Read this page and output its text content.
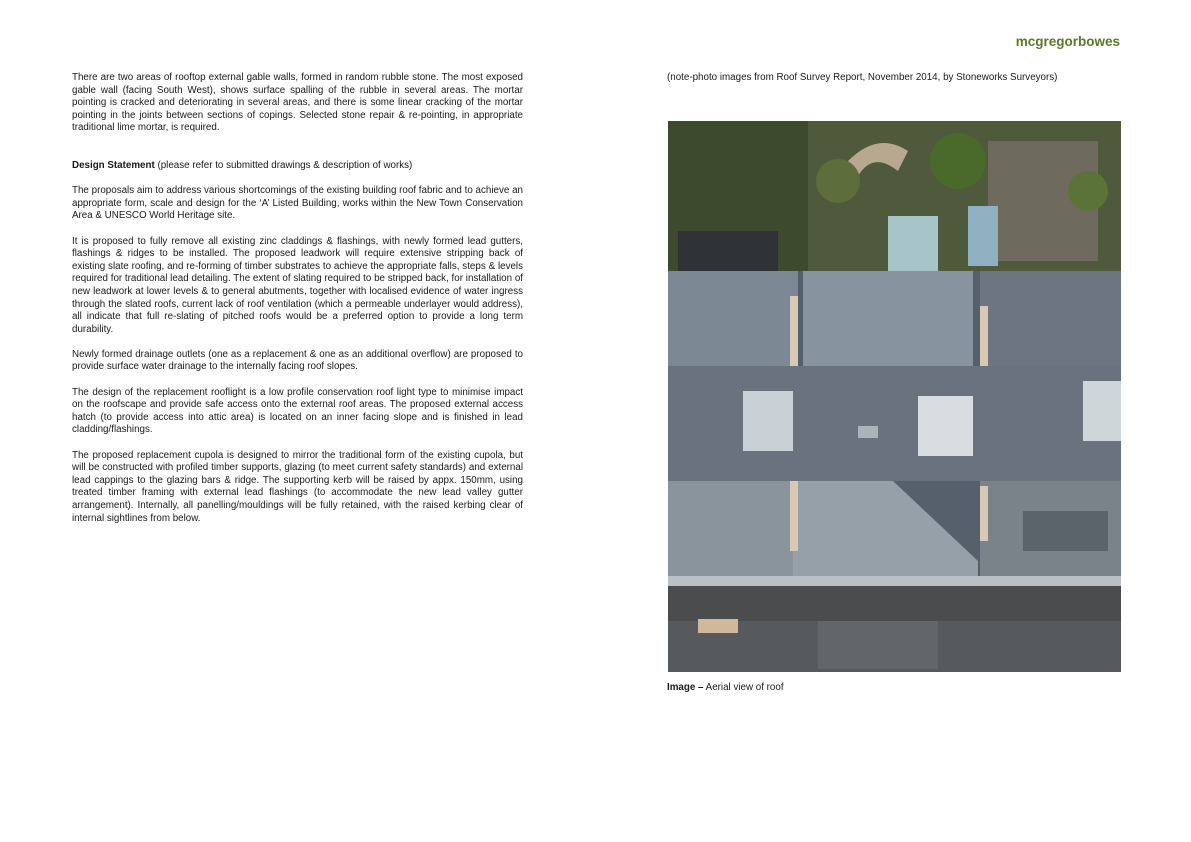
mcgregorbowes

There are two areas of rooftop external gable walls, formed in random rubble stone. The most exposed gable wall (facing South West), shows surface spalling of the rubble in several areas. The mortar pointing is cracked and deteriorating in several areas, and there is some linear cracking of the mortar pointing in the joints between sections of copings. Selected stone repair & re-pointing, in appropriate traditional lime mortar, is required.

Design Statement (please refer to submitted drawings & description of works)

The proposals aim to address various shortcomings of the existing building roof fabric and to achieve an appropriate form, scale and design for the ‘A’ Listed Building, works within the New Town Conservation Area & UNESCO World Heritage site.

It is proposed to fully remove all existing zinc claddings & flashings, with newly formed lead gutters, flashings & ridges to be installed. The proposed leadwork will require extensive stripping back of existing slate roofing, and re-forming of timber substrates to achieve the appropriate falls, steps & levels required for traditional lead detailing. The extent of slating required to be stripped back, for installation of new leadwork at lower levels & to general abutments, together with localised evidence of water ingress through the slated roofs, current lack of roof ventilation (which a permeable underlayer would address), all indicate that full re-slating of pitched roofs would be a preferred option to provide a long term durability.

Newly formed drainage outlets (one as a replacement & one as an additional overflow) are proposed to provide surface water drainage to the internally facing roof slopes.

The design of the replacement rooflight is a low profile conservation roof light type to minimise impact on the roofscape and provide safe access onto the external roof areas. The proposed external access hatch (to provide access into attic area) is located on an inner facing slope and is finished in lead cladding/flashings.

The proposed replacement cupola is designed to mirror the traditional form of the existing cupola, but will be constructed with profiled timber supports, glazing (to meet current safety standards) and external lead cappings to the glazing bars & ridge. The supporting kerb will be raised by appx. 150mm, using treated timber framing with external lead flashings (to accommodate the new lead valley gutter arrangement). Internally, all panelling/mouldings will be fully retained, with the raised kerbing clear of internal sightlines from below.

(note-photo images from Roof Survey Report, November 2014, by Stoneworks Surveyors)
Image – Aerial view of roof
